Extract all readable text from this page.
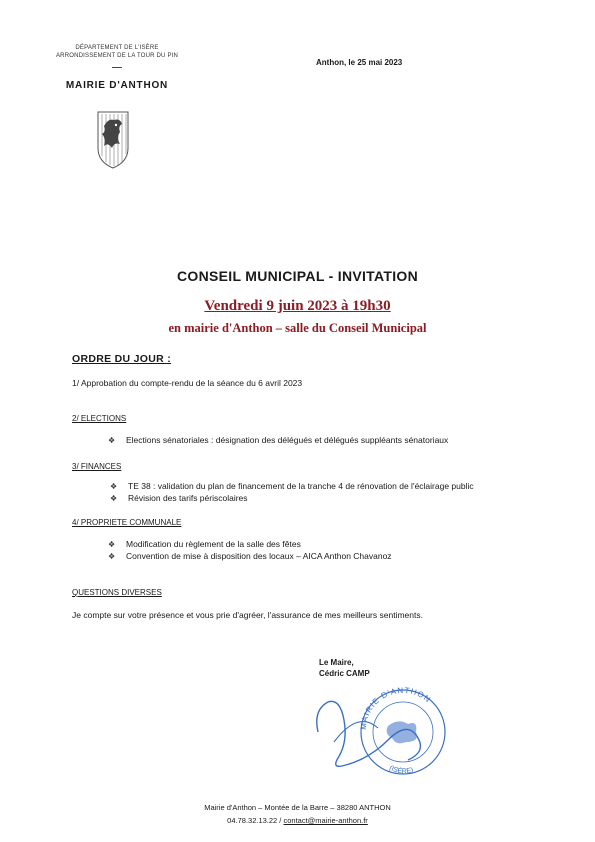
DÉPARTEMENT DE L'ISÈRE
ARRONDISSEMENT DE LA TOUR DU PIN
MAIRIE D'ANTHON
Anthon, le 25 mai 2023
CONSEIL MUNICIPAL - INVITATION
Vendredi 9 juin 2023 à 19h30
en mairie d'Anthon – salle du Conseil Municipal
ORDRE DU JOUR :
1/ Approbation du compte-rendu de la séance du 6 avril 2023
2/ ELECTIONS
❖ Elections sénatoriales : désignation des délégués et délégués suppléants sénatoriaux
3/ FINANCES
❖ TE 38 : validation du plan de financement de la tranche 4 de rénovation de l'éclairage public
❖ Révision des tarifs périscolaires
4/ PROPRIETE COMMUNALE
❖ Modification du règlement de la salle des fêtes
❖ Convention de mise à disposition des locaux – AICA Anthon Chavanoz
QUESTIONS DIVERSES
Je compte sur votre présence et vous prie d'agréer, l'assurance de mes meilleurs sentiments.
Le Maire,
Cédric CAMP
MAIRIE D'ANTHON
(ISÈRE)
Mairie d'Anthon – Montée de la Barre – 38280 ANTHON
04.78.32.13.22 / contact@mairie-anthon.fr
